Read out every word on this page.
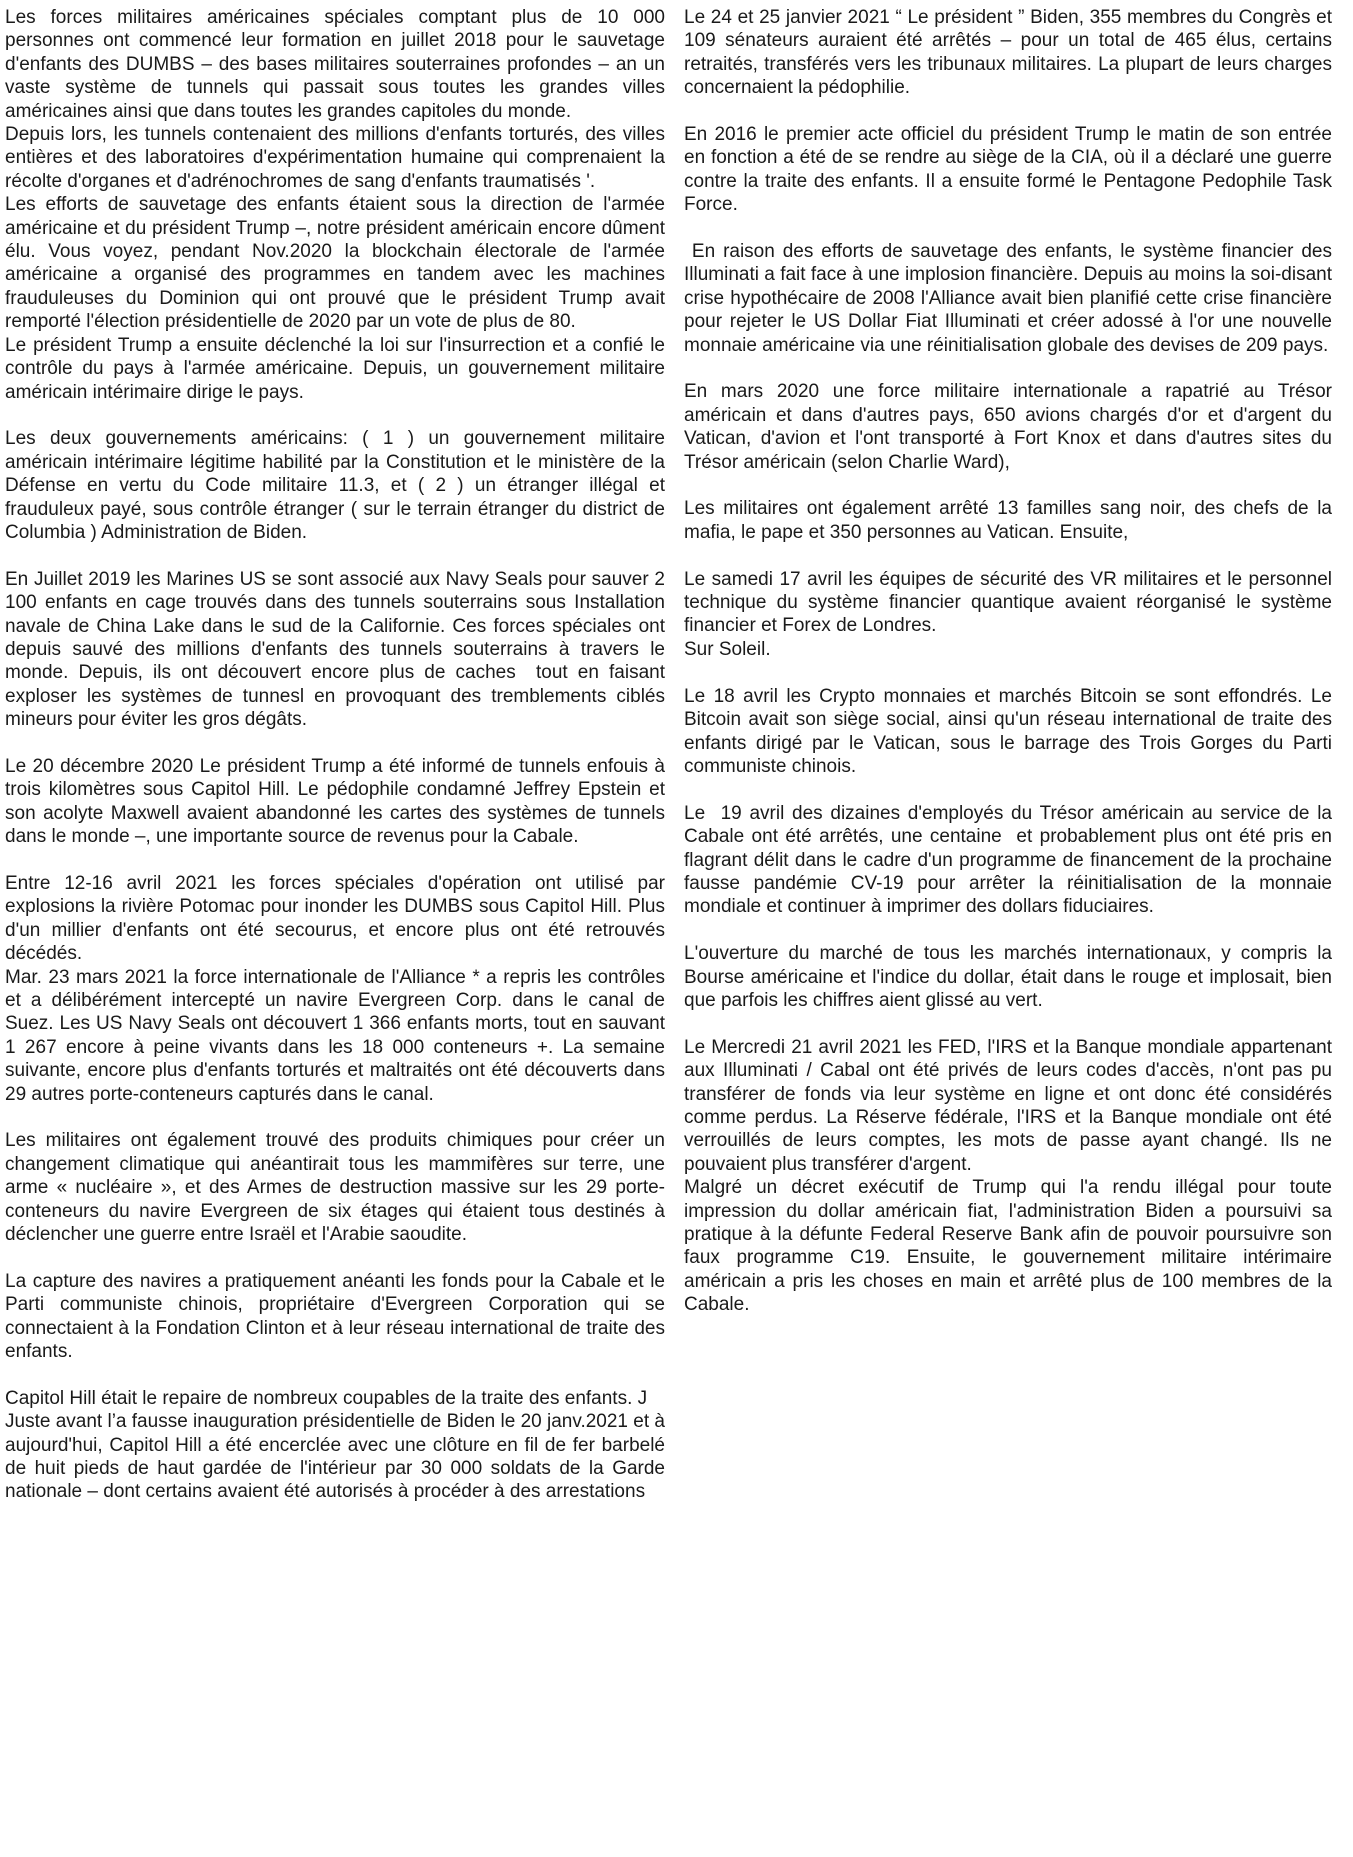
Les forces militaires américaines spéciales comptant plus de 10 000 personnes ont commencé leur formation en juillet 2018 pour le sauvetage d'enfants des DUMBS – des bases militaires souterraines profondes – an un vaste système de tunnels qui passait sous toutes les grandes villes américaines ainsi que dans toutes les grandes capitoles du monde.
Depuis lors, les tunnels contenaient des millions d'enfants torturés, des villes entières et des laboratoires d'expérimentation humaine qui comprenaient la récolte d'organes et d'adrénochromes de sang d'enfants traumatisés '.
Les efforts de sauvetage des enfants étaient sous la direction de l'armée américaine et du président Trump –, notre président américain encore dûment élu. Vous voyez, pendant Nov.2020 la blockchain électorale de l'armée américaine a organisé des programmes en tandem avec les machines frauduleuses du Dominion qui ont prouvé que le président Trump avait remporté l'élection présidentielle de 2020 par un vote de plus de 80.
Le président Trump a ensuite déclenché la loi sur l'insurrection et a confié le contrôle du pays à l'armée américaine. Depuis, un gouvernement militaire américain intérimaire dirige le pays.

Les deux gouvernements américains: ( 1 ) un gouvernement militaire américain intérimaire légitime habilité par la Constitution et le ministère de la Défense en vertu du Code militaire 11.3, et ( 2 ) un étranger illégal et frauduleux payé, sous contrôle étranger ( sur le terrain étranger du district de Columbia ) Administration de Biden.

En Juillet 2019 les Marines US se sont associé aux Navy Seals pour sauver 2 100 enfants en cage trouvés dans des tunnels souterrains sous Installation navale de China Lake dans le sud de la Californie. Ces forces spéciales ont depuis sauvé des millions d'enfants des tunnels souterrains à travers le monde. Depuis, ils ont découvert encore plus de caches  tout en faisant exploser les systèmes de tunnesl en provoquant des tremblements ciblés mineurs pour éviter les gros dégâts.

Le 20 décembre 2020 Le président Trump a été informé de tunnels enfouis à trois kilomètres sous Capitol Hill. Le pédophile condamné Jeffrey Epstein et son acolyte Maxwell avaient abandonné les cartes des systèmes de tunnels dans le monde –, une importante source de revenus pour la Cabale.

Entre 12-16 avril 2021 les forces spéciales d'opération ont utilisé par explosions la rivière Potomac pour inonder les DUMBS sous Capitol Hill. Plus d'un millier d'enfants ont été secourus, et encore plus ont été retrouvés décédés.
Mar. 23 mars 2021 la force internationale de l'Alliance * a repris les contrôles et a délibérément intercepté un navire Evergreen Corp. dans le canal de Suez. Les US Navy Seals ont découvert 1 366 enfants morts, tout en sauvant 1 267 encore à peine vivants dans les 18 000 conteneurs +. La semaine suivante, encore plus d'enfants torturés et maltraités ont été découverts dans 29 autres porte-conteneurs capturés dans le canal.

Les militaires ont également trouvé des produits chimiques pour créer un changement climatique qui anéantirait tous les mammifères sur terre, une arme « nucléaire », et des Armes de destruction massive sur les 29 porte-conteneurs du navire Evergreen de six étages qui étaient tous destinés à déclencher une guerre entre Israël et l'Arabie saoudite.

La capture des navires a pratiquement anéanti les fonds pour la Cabale et le Parti communiste chinois, propriétaire d'Evergreen Corporation qui se connectaient à la Fondation Clinton et à leur réseau international de traite des enfants.

Capitol Hill était le repaire de nombreux coupables de la traite des enfants. J
Juste avant l’a fausse inauguration présidentielle de Biden le 20 janv.2021 et à aujourd'hui, Capitol Hill a été encerclée avec une clôture en fil de fer barbelé de huit pieds de haut gardée de l'intérieur par 30 000 soldats de la Garde nationale – dont certains avaient été autorisés à procéder à des arrestations

Le 24 et 25 janvier 2021 “ Le président ” Biden, 355 membres du Congrès et 109 sénateurs auraient été arrêtés – pour un total de 465 élus, certains retraités, transférés vers les tribunaux militaires. La plupart de leurs charges concernaient la pédophilie.

En 2016 le premier acte officiel du président Trump le matin de son entrée en fonction a été de se rendre au siège de la CIA, où il a déclaré une guerre contre la traite des enfants. Il a ensuite formé le Pentagone Pedophile Task Force.

En raison des efforts de sauvetage des enfants, le système financier des Illuminati a fait face à une implosion financière. Depuis au moins la soi-disant crise hypothécaire de 2008 l'Alliance avait bien planifié cette crise financière pour rejeter le US Dollar Fiat Illuminati et créer adossé à l'or une nouvelle monnaie américaine via une réinitialisation globale des devises de 209 pays.

En mars 2020 une force militaire internationale a rapatrié au Trésor américain et dans d'autres pays, 650 avions chargés d'or et d'argent du Vatican, d'avion et l'ont transporté à Fort Knox et dans d'autres sites du Trésor américain (selon Charlie Ward),

Les militaires ont également arrêté 13 familles sang noir, des chefs de la mafia, le pape et 350 personnes au Vatican. Ensuite,

Le samedi 17 avril les équipes de sécurité des VR militaires et le personnel technique du système financier quantique avaient réorganisé le système financier et Forex de Londres.
Sur Soleil.

Le 18 avril les Crypto monnaies et marchés Bitcoin se sont effondrés. Le Bitcoin avait son siège social, ainsi qu'un réseau international de traite des enfants dirigé par le Vatican, sous le barrage des Trois Gorges du Parti communiste chinois.

Le  19 avril des dizaines d'employés du Trésor américain au service de la Cabale ont été arrêtés, une centaine  et probablement plus ont été pris en flagrant délit dans le cadre d'un programme de financement de la prochaine fausse pandémie CV-19 pour arrêter la réinitialisation de la monnaie mondiale et continuer à imprimer des dollars fiduciaires.

L'ouverture du marché de tous les marchés internationaux, y compris la Bourse américaine et l'indice du dollar, était dans le rouge et implosait, bien que parfois les chiffres aient glissé au vert.

Le Mercredi 21 avril 2021 les FED, l'IRS et la Banque mondiale appartenant aux Illuminati / Cabal ont été privés de leurs codes d'accès, n'ont pas pu transférer de fonds via leur système en ligne et ont donc été considérés comme perdus. La Réserve fédérale, l'IRS et la Banque mondiale ont été verrouillés de leurs comptes, les mots de passe ayant changé. Ils ne pouvaient plus transférer d'argent.
Malgré un décret exécutif de Trump qui l'a rendu illégal pour toute impression du dollar américain fiat, l'administration Biden a poursuivi sa pratique à la défunte Federal Reserve Bank afin de pouvoir poursuivre son faux programme C19. Ensuite, le gouvernement militaire intérimaire américain a pris les choses en main et arrêté plus de 100 membres de la Cabale.
